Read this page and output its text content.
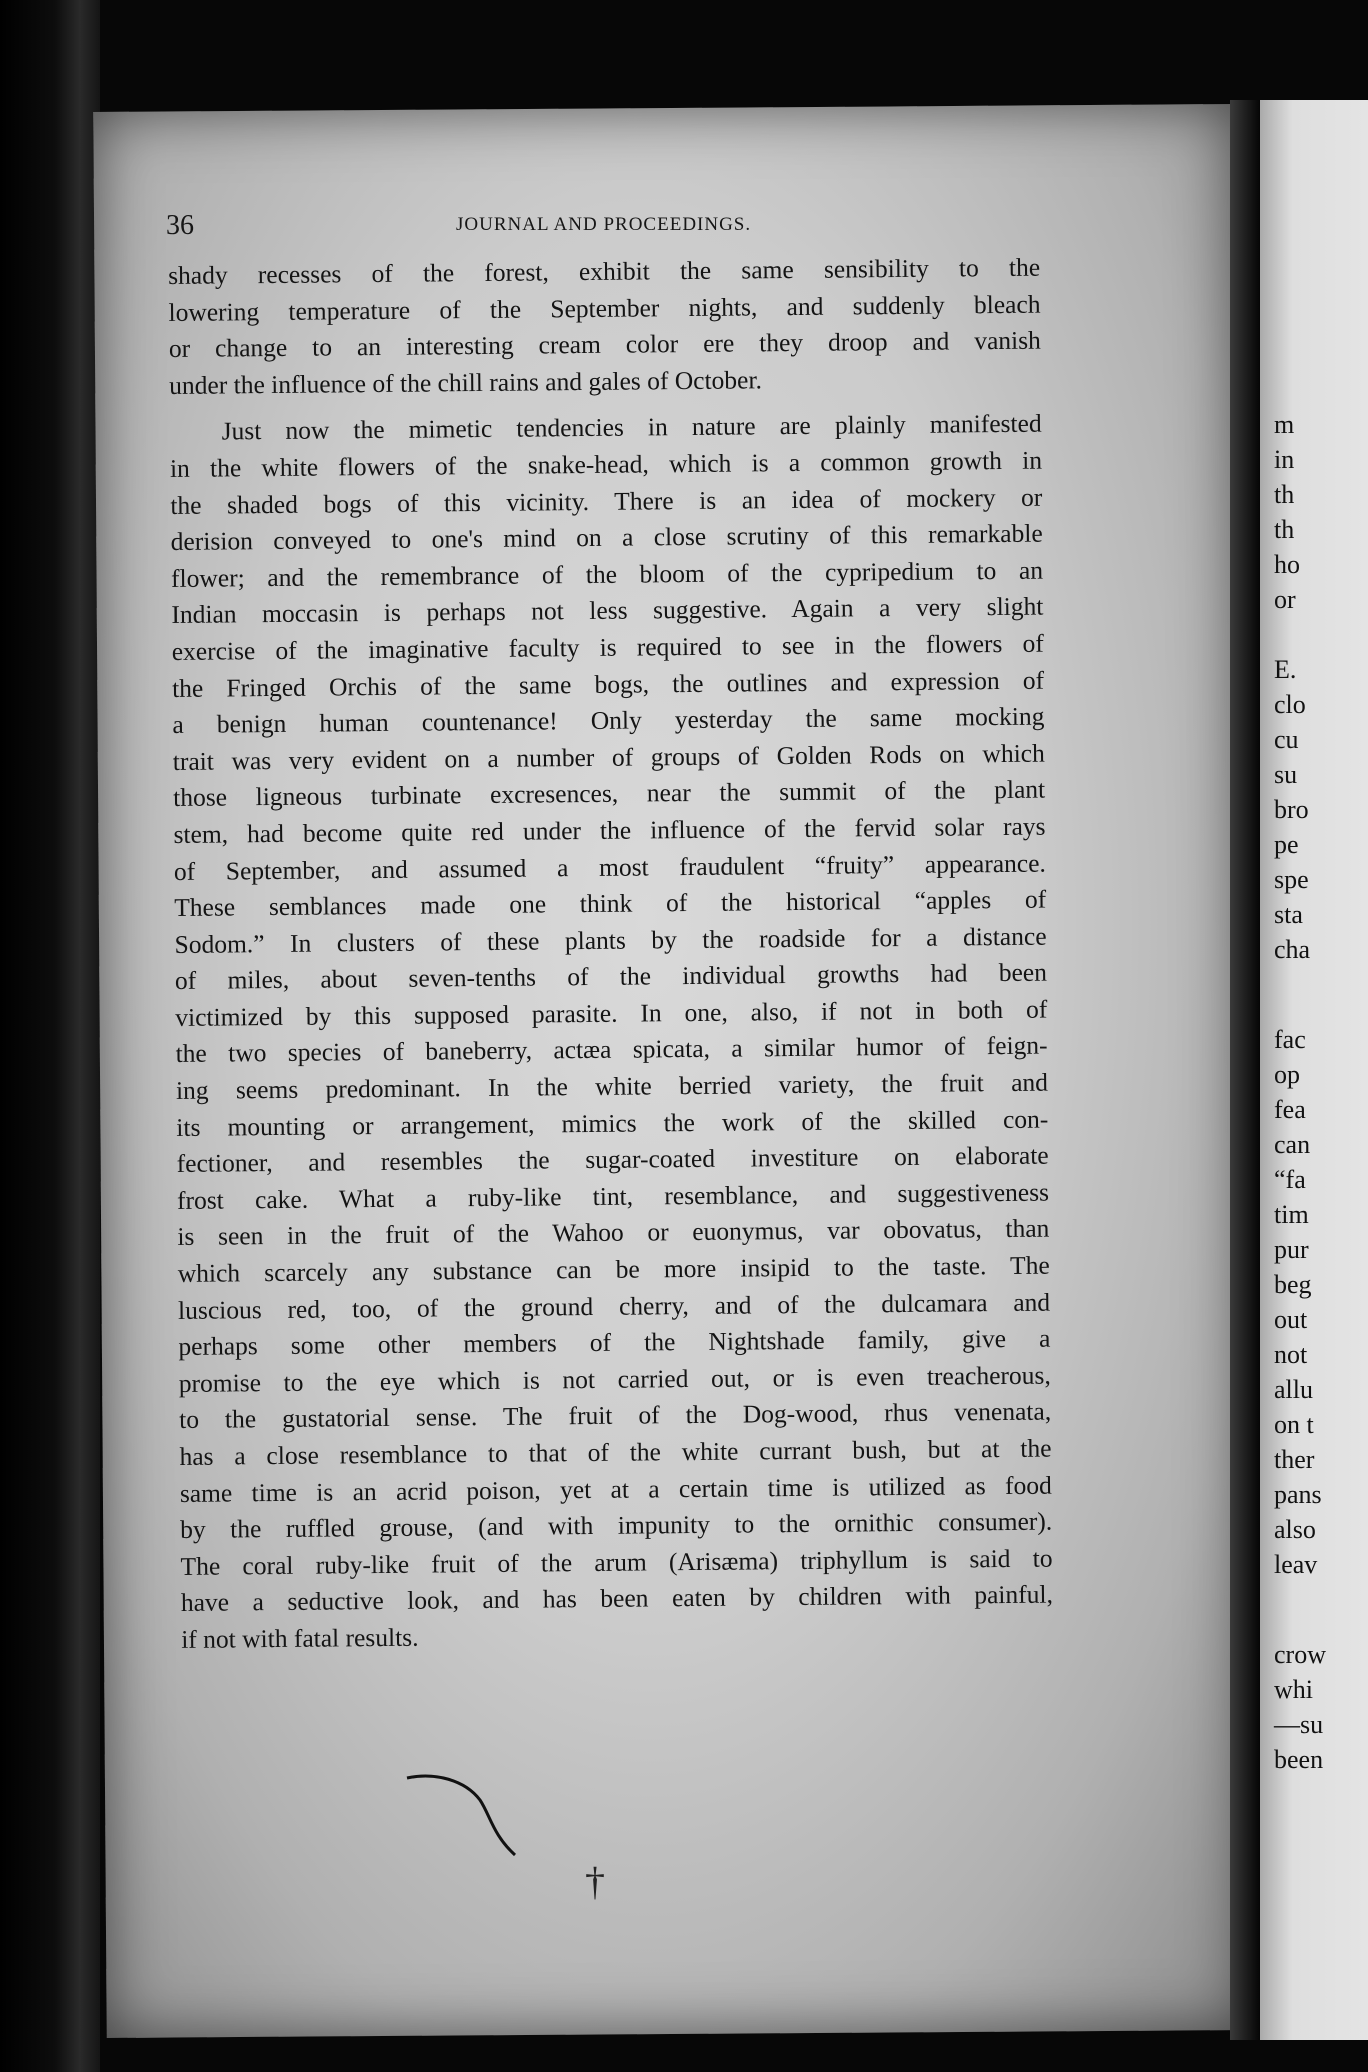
m
in
th
th
ho
or
E.
clo
cu
su
bro
pe
spe
sta
cha
fac
op
fea
can
“fa
tim
pur
beg
out
not
allu
on t
ther
pans
also
leav
crow
whi
—su
been
36	JOURNAL AND PROCEEDINGS.
shady recesses of the forest, exhibit the same sensibility to the
lowering temperature of the September nights, and suddenly bleach
or change to an interesting cream color ere they droop and vanish
under the influence of the chill rains and gales of October.
Just now the mimetic tendencies in nature are plainly manifested
in the white flowers of the snake-head, which is a common growth in
the shaded bogs of this vicinity. There is an idea of mockery or
derision conveyed to one's mind on a close scrutiny of this remarkable
flower; and the remembrance of the bloom of the cypripedium to an
Indian moccasin is perhaps not less suggestive. Again a very slight
exercise of the imaginative faculty is required to see in the flowers of
the Fringed Orchis of the same bogs, the outlines and expression of
a benign human countenance! Only yesterday the same mocking
trait was very evident on a number of groups of Golden Rods on which
those ligneous turbinate excresences, near the summit of the plant
stem, had become quite red under the influence of the fervid solar rays
of September, and assumed a most fraudulent “fruity” appearance.
These semblances made one think of the historical “apples of
Sodom.” In clusters of these plants by the roadside for a distance
of miles, about seven-tenths of the individual growths had been
victimized by this supposed parasite. In one, also, if not in both of
the two species of baneberry, actæa spicata, a similar humor of feign-
ing seems predominant. In the white berried variety, the fruit and
its mounting or arrangement, mimics the work of the skilled con-
fectioner, and resembles the sugar-coated investiture on elaborate
frost cake. What a ruby-like tint, resemblance, and suggestiveness
is seen in the fruit of the Wahoo or euonymus, var obovatus, than
which scarcely any substance can be more insipid to the taste. The
luscious red, too, of the ground cherry, and of the dulcamara and
perhaps some other members of the Nightshade family, give a
promise to the eye which is not carried out, or is even treacherous,
to the gustatorial sense. The fruit of the Dog-wood, rhus venenata,
has a close resemblance to that of the white currant bush, but at the
same time is an acrid poison, yet at a certain time is utilized as food
by the ruffled grouse, (and with impunity to the ornithic consumer).
The coral ruby-like fruit of the arum (Arisæma) triphyllum is said to
have a seductive look, and has been eaten by children with painful,
if not with fatal results.
†
